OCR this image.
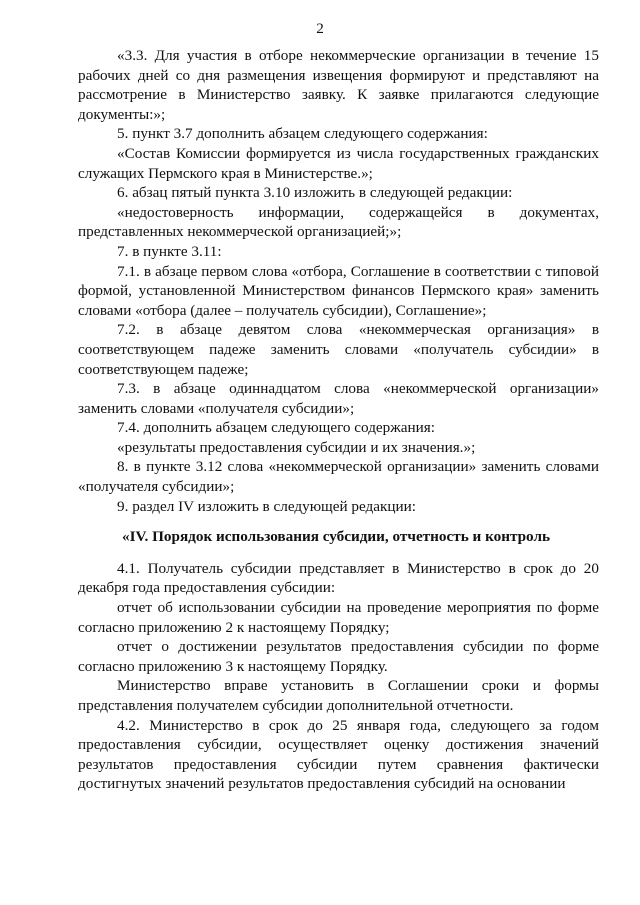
2

«3.3. Для участия в отборе некоммерческие организации в течение 15 рабочих дней со дня размещения извещения формируют и представляют на рассмотрение в Министерство заявку. К заявке прилагаются следующие документы:»;

5. пункт 3.7 дополнить абзацем следующего содержания:

«Состав Комиссии формируется из числа государственных гражданских служащих Пермского края в Министерстве.»;

6. абзац пятый пункта 3.10 изложить в следующей редакции:

«недостоверность информации, содержащейся в документах, представленных некоммерческой организацией;»;

7. в пункте 3.11:

7.1. в абзаце первом слова «отбора, Соглашение в соответствии с типовой формой, установленной Министерством финансов Пермского края» заменить словами «отбора (далее – получатель субсидии), Соглашение»;

7.2. в абзаце девятом слова «некоммерческая организация» в соответствующем падеже заменить словами «получатель субсидии» в соответствующем падеже;

7.3. в абзаце одиннадцатом слова «некоммерческой организации» заменить словами «получателя субсидии»;

7.4. дополнить абзацем следующего содержания:

«результаты предоставления субсидии и их значения.»;

8. в пункте 3.12 слова «некоммерческой организации» заменить словами «получателя субсидии»;

9. раздел IV изложить в следующей редакции:

«IV. Порядок использования субсидии, отчетность и контроль

4.1. Получатель субсидии представляет в Министерство в срок до 20 декабря года предоставления субсидии:

отчет об использовании субсидии на проведение мероприятия по форме согласно приложению 2 к настоящему Порядку;

отчет о достижении результатов предоставления субсидии по форме согласно приложению 3 к настоящему Порядку.

Министерство вправе установить в Соглашении сроки и формы представления получателем субсидии дополнительной отчетности.

4.2. Министерство в срок до 25 января года, следующего за годом предоставления субсидии, осуществляет оценку достижения значений результатов предоставления субсидии путем сравнения фактически достигнутых значений результатов предоставления субсидий на основании
